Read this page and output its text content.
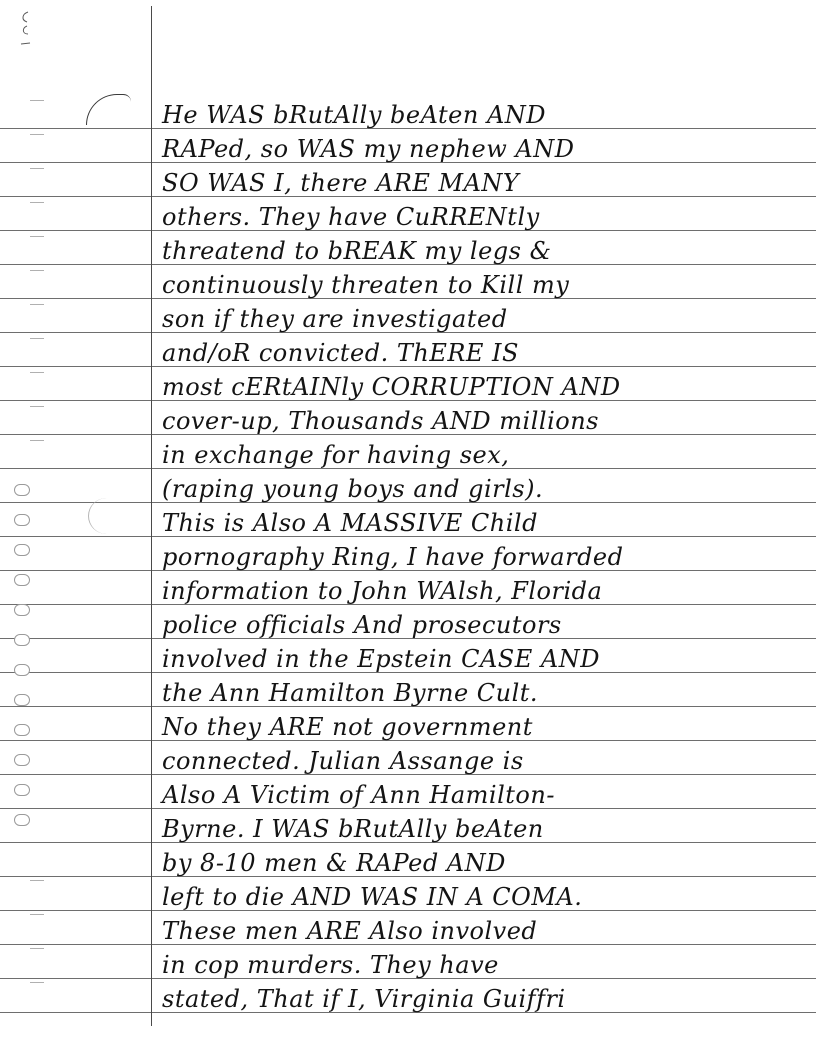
He WAS bRutAlly beAten AND
RAPed, so WAS my nephew AND
SO WAS I, there ARE MANY
others. They have CuRRENtly
threatend to bREAK my legs &
continuously threaten to Kill my
son if they are investigated
and/oR convicted. ThERE IS
most cERtAINly CORRUPTION AND
cover-up, Thousands AND millions
in exchange for having sex,
(raping young boys and girls).
This is Also A MASSIVE Child
pornography Ring, I have forwarded
information to John WAlsh, Florida
police officials And prosecutors
involved in the Epstein CASE AND
the Ann Hamilton Byrne Cult.
No they ARE not government
connected. Julian Assange is
Also A Victim of Ann Hamilton-
Byrne. I WAS bRutAlly beAten
by 8-10 men & RAPed AND
left to die AND WAS IN A COMA.
These men ARE Also involved
in cop murders. They have
stated, That if I, Virginia Guiffri
